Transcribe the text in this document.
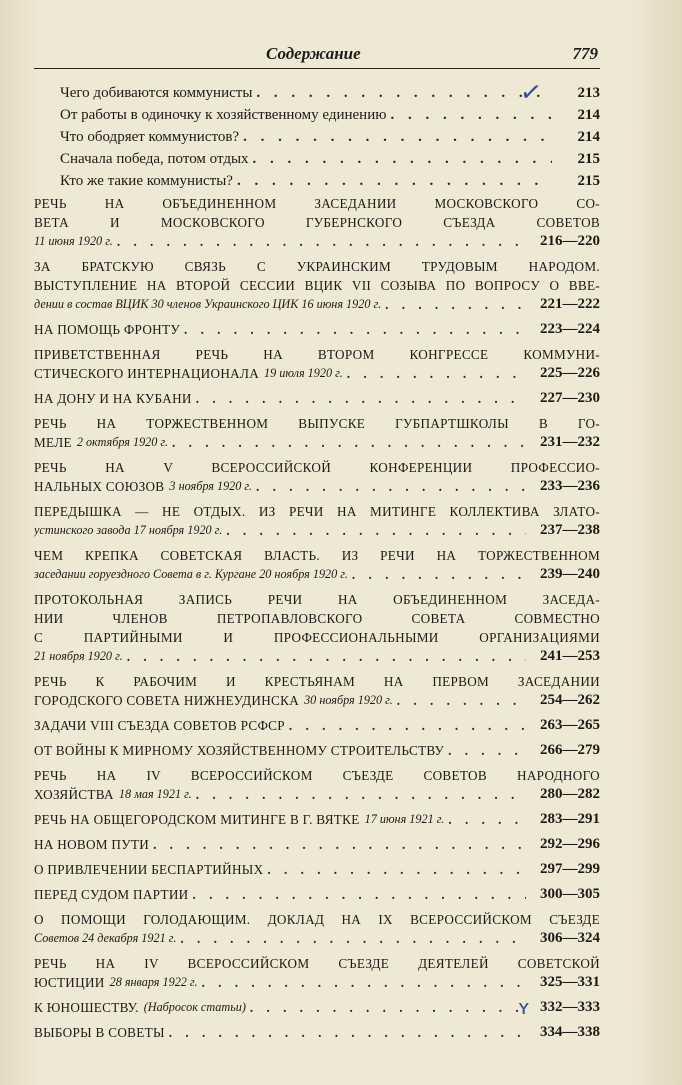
Содержание	779
Чего добиваются коммунисты . . .	213
✓
От работы в одиночку к хозяйственному единению . . .	214
Что ободряет коммунистов? . . .	214
Сначала победа, потом отдых . . .	215
Кто же такие коммунисты? . . .	215
РЕЧЬ НА ОБЪЕДИНЕННОМ ЗАСЕДАНИИ МОСКОВСКОГО СО-
ВЕТА И МОСКОВСКОГО ГУБЕРНСКОГО СЪЕЗДА СОВЕТОВ
11 июня 1920 г. . . .	216—220
ЗА БРАТСКУЮ СВЯЗЬ С УКРАИНСКИМ ТРУДОВЫМ НАРОДОМ.
ВЫСТУПЛЕНИЕ НА ВТОРОЙ СЕССИИ ВЦИК VII СОЗЫВА ПО ВОПРОСУ О ВВЕ-
дении в состав ВЦИК 30 членов Украинского ЦИК 16 июня 1920 г. . . .	221—222
НА ПОМОЩЬ ФРОНТУ . . .	223—224
ПРИВЕТСТВЕННАЯ РЕЧЬ НА ВТОРОМ КОНГРЕССЕ КОММУНИ-
СТИЧЕСКОГО ИНТЕРНАЦИОНАЛА 19 июля 1920 г. . . .	225—226
НА ДОНУ И НА КУБАНИ . . .	227—230
РЕЧЬ НА ТОРЖЕСТВЕННОМ ВЫПУСКЕ ГУБПАРТШКОЛЫ В ГО-
МЕЛЕ 2 октября 1920 г. . . .	231—232
РЕЧЬ НА V ВСЕРОССИЙСКОЙ КОНФЕРЕНЦИИ ПРОФЕССИО-
НАЛЬНЫХ СОЮЗОВ 3 ноября 1920 г. . . .	233—236
ПЕРЕДЫШКА — НЕ ОТДЫХ. ИЗ РЕЧИ НА МИТИНГЕ КОЛЛЕКТИВА ЗЛАТО-
устинского завода 17 ноября 1920 г. . . .	237—238
ЧЕМ КРЕПКА СОВЕТСКАЯ ВЛАСТЬ. ИЗ РЕЧИ НА ТОРЖЕСТВЕННОМ
заседании горуездного Совета в г. Кургане 20 ноября 1920 г. . . .	239—240
ПРОТОКОЛЬНАЯ ЗАПИСЬ РЕЧИ НА ОБЪЕДИНЕННОМ ЗАСЕДА-
НИИ ЧЛЕНОВ ПЕТРОПАВЛОВСКОГО СОВЕТА СОВМЕСТНО
С ПАРТИЙНЫМИ И ПРОФЕССИОНАЛЬНЫМИ ОРГАНИЗАЦИЯМИ
21 ноября 1920 г. . . .	241—253
РЕЧЬ К РАБОЧИМ И КРЕСТЬЯНАМ НА ПЕРВОМ ЗАСЕДАНИИ
ГОРОДСКОГО СОВЕТА НИЖНЕУДИНСКА 30 ноября 1920 г. . . .	254—262
ЗАДАЧИ VIII СЪЕЗДА СОВЕТОВ РСФСР . . .	263—265
ОТ ВОЙНЫ К МИРНОМУ ХОЗЯЙСТВЕННОМУ СТРОИТЕЛЬСТВУ . . .	266—279
РЕЧЬ НА IV ВСЕРОССИЙСКОМ СЪЕЗДЕ СОВЕТОВ НАРОДНОГО
ХОЗЯЙСТВА 18 мая 1921 г. . . .	280—282
РЕЧЬ НА ОБЩЕГОРОДСКОМ МИТИНГЕ В Г. ВЯТКЕ 17 июня 1921 г. . . .	283—291
НА НОВОМ ПУТИ . . .	292—296
О ПРИВЛЕЧЕНИИ БЕСПАРТИЙНЫХ . . .	297—299
ПЕРЕД СУДОМ ПАРТИИ . . .	300—305
О ПОМОЩИ ГОЛОДАЮЩИМ. ДОКЛАД НА IX ВСЕРОССИЙСКОМ СЪЕЗДЕ
Советов 24 декабря 1921 г. . . .	306—324
РЕЧЬ НА IV ВСЕРОССИЙСКОМ СЪЕЗДЕ ДЕЯТЕЛЕЙ СОВЕТСКОЙ
ЮСТИЦИИ 28 января 1922 г. . . .	325—331
К ЮНОШЕСТВУ. (Набросок статьи) . . .	332—333
ʏ
ВЫБОРЫ В СОВЕТЫ . . .	334—338
